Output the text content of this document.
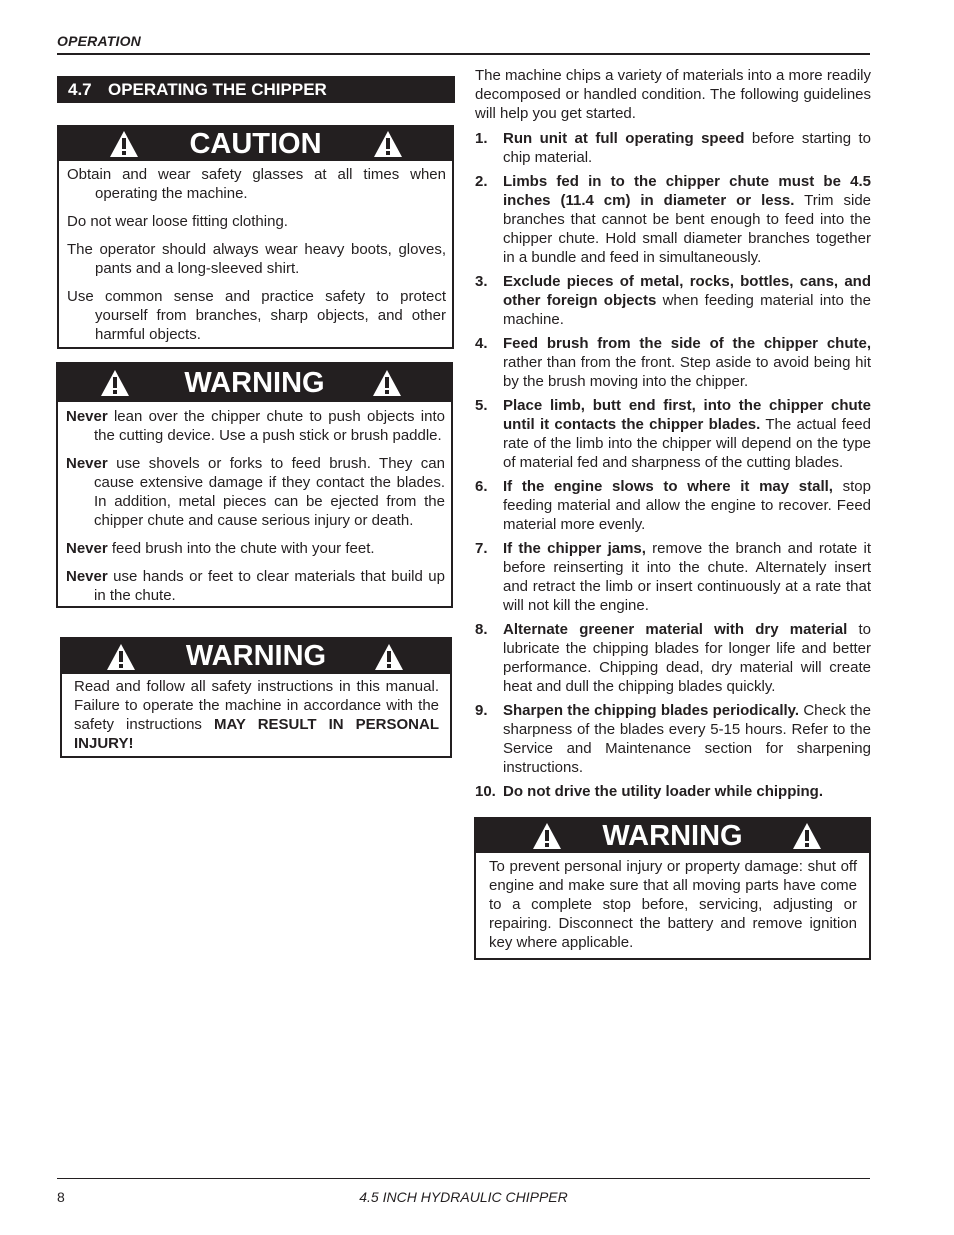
OPERATION
4.7 OPERATING THE CHIPPER
CAUTION

Obtain and wear safety glasses at all times when operating the machine.

Do not wear loose fitting clothing.

The operator should always wear heavy boots, gloves, pants and a long-sleeved shirt.

Use common sense and practice safety to protect yourself from branches, sharp objects, and other harmful objects.

WARNING

Never lean over the chipper chute to push objects into the cutting device. Use a push stick or brush paddle.

Never use shovels or forks to feed brush. They can cause extensive damage if they contact the blades. In addition, metal pieces can be ejected from the chipper chute and cause serious injury or death.

Never feed brush into the chute with your feet.

Never use hands or feet to clear materials that build up in the chute.

WARNING

Read and follow all safety instructions in this manual. Failure to operate the machine in accordance with the safety instructions MAY RESULT IN PERSONAL INJURY!

The machine chips a variety of materials into a more readily decomposed or handled condition. The following guidelines will help you get started.

1. Run unit at full operating speed before starting to chip material.
2. Limbs fed in to the chipper chute must be 4.5 inches (11.4 cm) in diameter or less. Trim side branches that cannot be bent enough to feed into the chipper chute. Hold small diameter branches together in a bundle and feed in simultaneously.
3. Exclude pieces of metal, rocks, bottles, cans, and other foreign objects when feeding material into the machine.
4. Feed brush from the side of the chipper chute, rather than from the front. Step aside to avoid being hit by the brush moving into the chipper.
5. Place limb, butt end first, into the chipper chute until it contacts the chipper blades. The actual feed rate of the limb into the chipper will depend on the type of material fed and sharpness of the cutting blades.
6. If the engine slows to where it may stall, stop feeding material and allow the engine to recover. Feed material more evenly.
7. If the chipper jams, remove the branch and rotate it before reinserting it into the chute. Alternately insert and retract the limb or insert continuously at a rate that will not kill the engine.
8. Alternate greener material with dry material to lubricate the chipping blades for longer life and better performance. Chipping dead, dry material will create heat and dull the chipping blades quickly.
9. Sharpen the chipping blades periodically. Check the sharpness of the blades every 5-15 hours. Refer to the Service and Maintenance section for sharpening instructions.
10. Do not drive the utility loader while chipping.
WARNING

To prevent personal injury or property damage: shut off engine and make sure that all moving parts have come to a complete stop before, servicing, adjusting or repairing. Disconnect the battery and remove ignition key where applicable.

8	4.5 INCH HYDRAULIC CHIPPER
